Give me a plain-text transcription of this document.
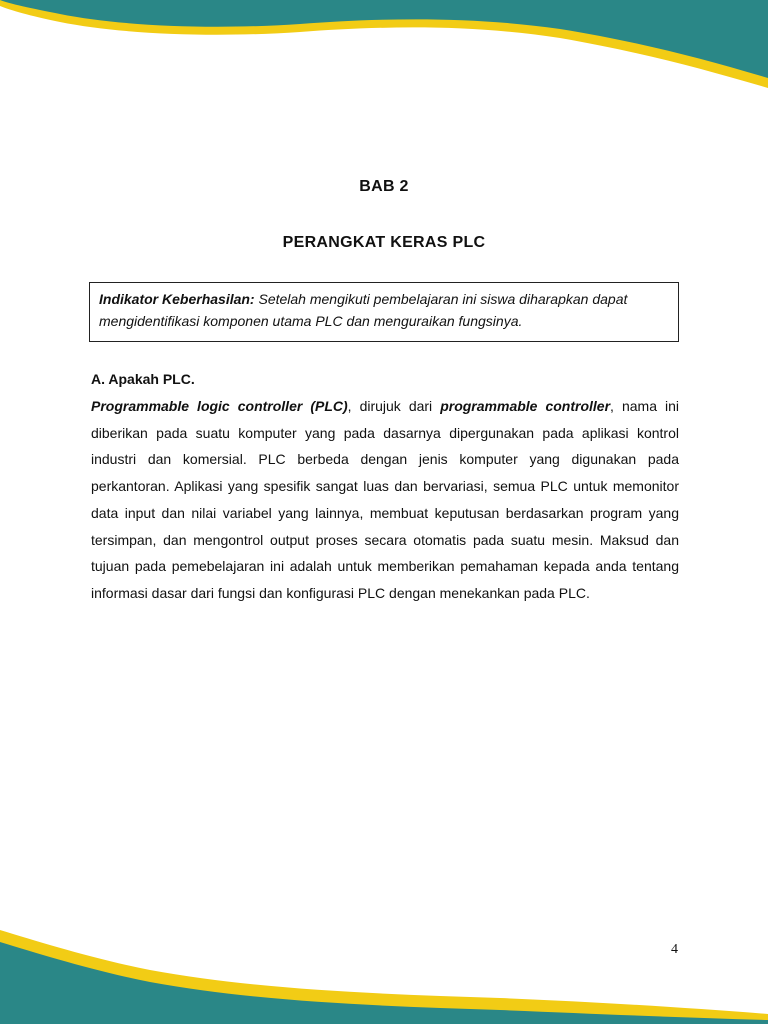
BAB 2
PERANGKAT KERAS PLC
Indikator Keberhasilan: Setelah mengikuti pembelajaran ini siswa diharapkan dapat mengidentifikasi komponen utama PLC dan menguraikan fungsinya.
A. Apakah PLC.
Programmable logic controller (PLC), dirujuk dari programmable controller, nama ini diberikan pada suatu komputer yang pada dasarnya dipergunakan pada aplikasi kontrol industri dan komersial. PLC berbeda dengan jenis komputer yang digunakan pada perkantoran. Aplikasi yang spesifik sangat luas dan bervariasi, semua PLC untuk memonitor data input dan nilai variabel yang lainnya, membuat keputusan berdasarkan program yang tersimpan, dan mengontrol output proses secara otomatis pada suatu mesin. Maksud dan tujuan pada pemebelajaran ini adalah untuk memberikan pemahaman kepada anda tentang informasi dasar dari fungsi dan konfigurasi PLC dengan menekankan pada PLC.
4
